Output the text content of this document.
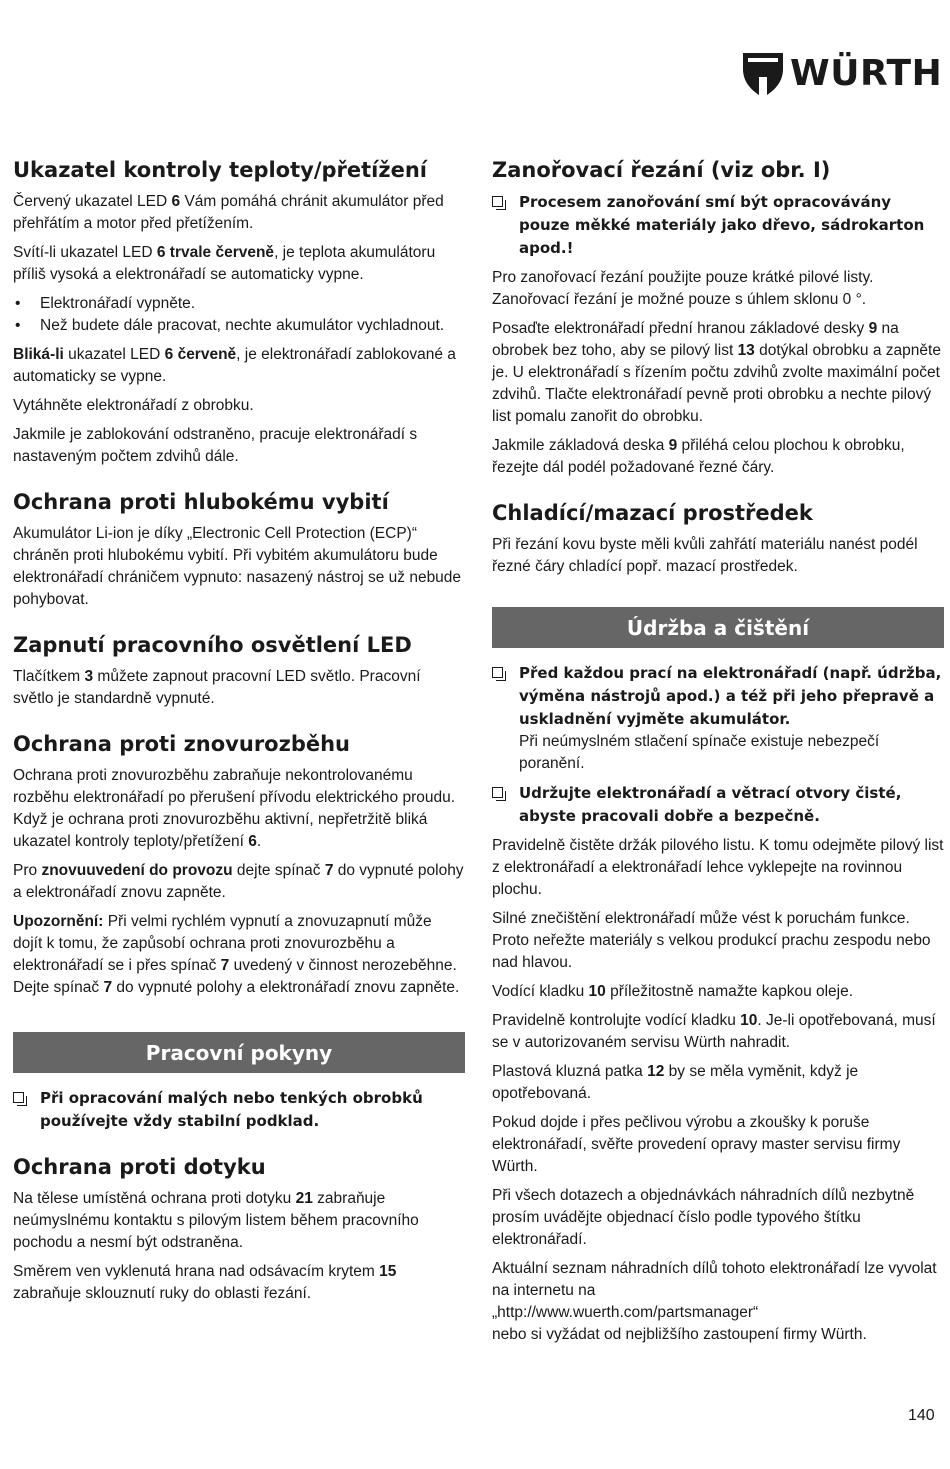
WÜRTH
Ukazatel kontroly teploty/přetížení

Červený ukazatel LED 6 Vám pomáhá chránit akumulátor před přehřátím a motor před přetížením.

Svítí-li ukazatel LED 6 trvale červeně, je teplota akumulátoru příliš vysoká a elektronářadí se automaticky vypne.

• Elektronářadí vypněte.
• Než budete dále pracovat, nechte akumulátor vychladnout.

Bliká-li ukazatel LED 6 červeně, je elektronářadí zablokované a automaticky se vypne.

Vytáhněte elektronářadí z obrobku.

Jakmile je zablokování odstraněno, pracuje elektronářadí s nastaveným počtem zdvihů dále.

Ochrana proti hlubokému vybití

Akumulátor Li-ion je díky „Electronic Cell Protection (ECP)“ chráněn proti hlubokému vybití. Při vybitém akumulátoru bude elektronářadí chráničem vypnuto: nasazený nástroj se už nebude pohybovat.

Zapnutí pracovního osvětlení LED

Tlačítkem 3 můžete zapnout pracovní LED světlo. Pracovní světlo je standardně vypnuté.

Ochrana proti znovurozběhu

Ochrana proti znovurozběhu zabraňuje nekontrolovanému rozběhu elektronářadí po přerušení přívodu elektrického proudu. Když je ochrana proti znovurozběhu aktivní, nepřetržitě bliká ukazatel kontroly teploty/přetížení 6.

Pro znovuuvedení do provozu dejte spínač 7 do vypnuté polohy a elektronářadí znovu zapněte.

Upozornění: Při velmi rychlém vypnutí a znovuzapnutí může dojít k tomu, že zapůsobí ochrana proti znovurozběhu a elektronářadí se i přes spínač 7 uvedený v činnost nerozeběhne. Dejte spínač 7 do vypnuté polohy a elektronářadí znovu zapněte.

Pracovní pokyny
Při opracování malých nebo tenkých obrobků používejte vždy stabilní podklad.
Ochrana proti dotyku

Na tělese umístěná ochrana proti dotyku 21 zabraňuje neúmyslnému kontaktu s pilovým listem během pracovního pochodu a nesmí být odstraněna.

Směrem ven vyklenutá hrana nad odsávacím krytem 15 zabraňuje sklouznutí ruky do oblasti řezání.

Zanořovací řezání (viz obr. I)
Procesem zanořování smí být opracovávány pouze měkké materiály jako dřevo, sádrokarton apod.!

Pro zanořovací řezání použijte pouze krátké pilové listy. Zanořovací řezání je možné pouze s úhlem sklonu 0 °.

Posaďte elektronářadí přední hranou základové desky 9 na obrobek bez toho, aby se pilový list 13 dotýkal obrobku a zapněte je. U elektronářadí s řízením počtu zdvihů zvolte maximální počet zdvihů. Tlačte elektronářadí pevně proti obrobku a nechte pilový list pomalu zanořit do obrobku.

Jakmile základová deska 9 přiléhá celou plochou k obrobku, řezejte dál podél požadované řezné čáry.

Chladící/mazací prostředek

Při řezání kovu byste měli kvůli zahřátí materiálu nanést podél řezné čáry chladící popř. mazací prostředek.

Údržba a čištění
Před každou prací na elektronářadí (např. údržba, výměna nástrojů apod.) a též při jeho přepravě a uskladnění vyjměte akumulátor.
Při neúmyslném stlačení spínače existuje nebezpečí poranění.
Udržujte elektronářadí a větrací otvory čisté, abyste pracovali dobře a bezpečně.

Pravidelně čistěte držák pilového listu. K tomu odejměte pilový list z elektronářadí a elektronářadí lehce vyklepejte na rovinnou plochu.

Silné znečištění elektronářadí může vést k poruchám funkce. Proto neřežte materiály s velkou produkcí prachu zespodu nebo nad hlavou.

Vodící kladku 10 příležitostně namažte kapkou oleje.

Pravidelně kontrolujte vodící kladku 10. Je-li opotřebovaná, musí se v autorizovaném servisu Würth nahradit.

Plastová kluzná patka 12 by se měla vyměnit, když je opotřebovaná.

Pokud dojde i přes pečlivou výrobu a zkoušky k poruše elektronářadí, svěřte provedení opravy master servisu firmy Würth.

Při všech dotazech a objednávkách náhradních dílů nezbytně prosím uvádějte objednací číslo podle typového štítku elektronářadí.

Aktuální seznam náhradních dílů tohoto elektronářadí lze vyvolat na internetu na
„http://www.wuerth.com/partsmanager“
nebo si vyžádat od nejbližšího zastoupení firmy Würth.

140
